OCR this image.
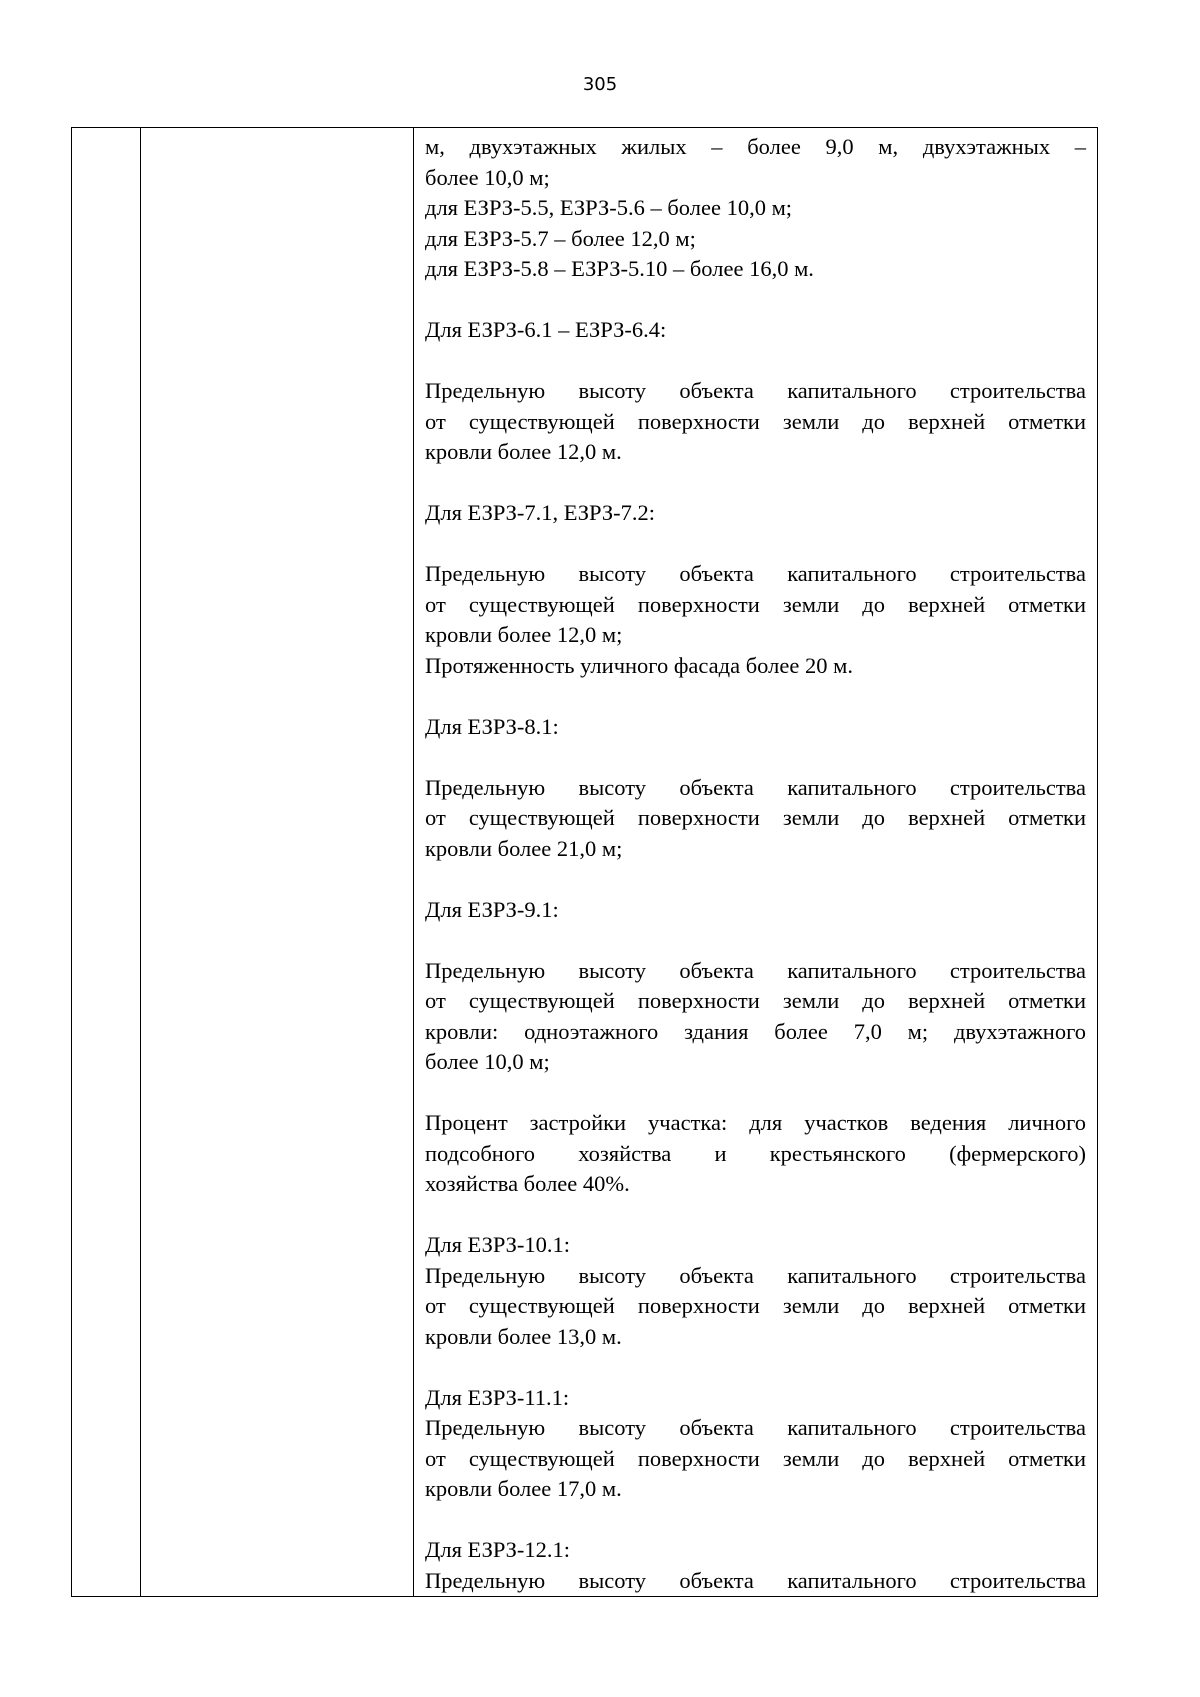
305

м, двухэтажных жилых – более 9,0 м, двухэтажных –
более 10,0 м;
для ЕЗРЗ-5.5, ЕЗРЗ-5.6 – более 10,0 м;
для ЕЗРЗ-5.7 – более 12,0 м;
для ЕЗРЗ-5.8 – ЕЗРЗ-5.10 – более 16,0 м.
Для ЕЗРЗ-6.1 – ЕЗРЗ-6.4:
Предельную высоту объекта капитального строительства
от существующей поверхности земли до верхней отметки
кровли более 12,0 м.
Для ЕЗРЗ-7.1, ЕЗРЗ-7.2:
Предельную высоту объекта капитального строительства
от существующей поверхности земли до верхней отметки
кровли более 12,0 м;
Протяженность уличного фасада более 20 м.
Для ЕЗРЗ-8.1:
Предельную высоту объекта капитального строительства
от существующей поверхности земли до верхней отметки
кровли более 21,0 м;
Для ЕЗРЗ-9.1:
Предельную высоту объекта капитального строительства
от существующей поверхности земли до верхней отметки
кровли: одноэтажного здания более 7,0 м; двухэтажного
более 10,0 м;
Процент застройки участка: для участков ведения личного
подсобного хозяйства и крестьянского (фермерского)
хозяйства более 40%.
Для ЕЗРЗ-10.1:
Предельную высоту объекта капитального строительства
от существующей поверхности земли до верхней отметки
кровли более 13,0 м.
Для ЕЗРЗ-11.1:
Предельную высоту объекта капитального строительства
от существующей поверхности земли до верхней отметки
кровли более 17,0 м.
Для ЕЗРЗ-12.1:
Предельную высоту объекта капитального строительства
